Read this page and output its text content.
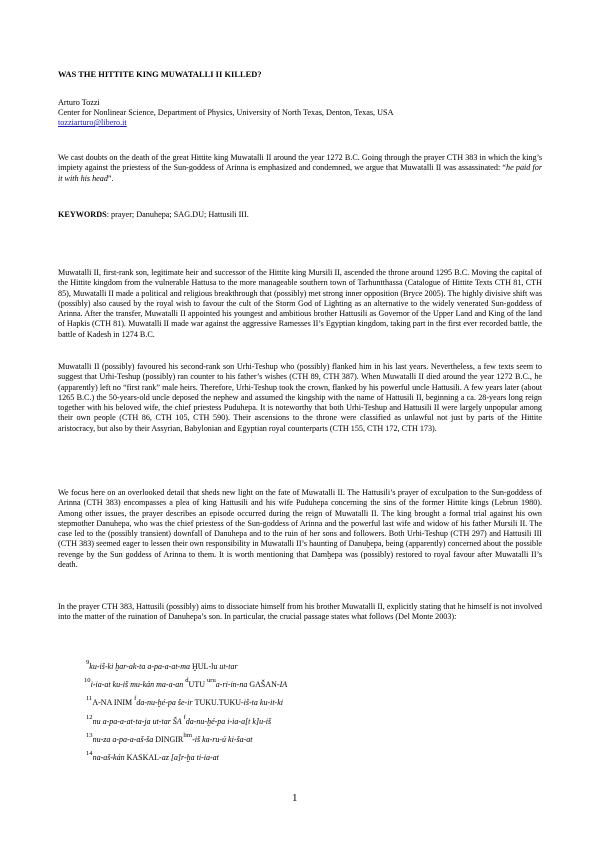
WAS THE HITTITE KING MUWATALLI II KILLED?
Arturo Tozzi
Center for Nonlinear Science, Department of Physics, University of North Texas, Denton, Texas, USA
tozziarturo@libero.it
We cast doubts on the death of the great Hittite king Muwatalli II around the year 1272 B.C. Going through the prayer CTH 383 in which the king’s impiety against the priestess of the Sun-goddess of Arinna is emphasized and condemned, we argue that Muwatalli II was assassinated: “he paid for it with his head”.
KEYWORDS: prayer; Danuhepa; SAG.DU; Hattusili III.
Muwatalli II, first-rank son, legitimate heir and successor of the Hittite king Mursili II, ascended the throne around 1295 B.C. Moving the capital of the Hittite kingdom from the vulnerable Hattusa to the more manageable southern town of Tarhuntthassa (Catalogue of Hittite Texts CTH 81, CTH 85), Muwatalli II made a political and religious breakthrough that (possibly) met strong inner opposition (Bryce 2005). The highly divisive shift was (possibly) also caused by the royal wish to favour the cult of the Storm God of Lighting as an alternative to the widely venerated Sun-goddess of Arinna. After the transfer, Muwatalli II appointed his youngest and ambitious brother Hattusili as Governor of the Upper Land and King of the land of Hapkis (CTH 81). Muwatalli II made war against the aggressive Ramesses II’s Egyptian kingdom, taking part in the first ever recorded battle, the battle of Kadesh in 1274 B.C.
Muwatalli II (possibly) favoured his second-rank son Urhi-Teshup who (possibly) flanked him in his last years. Nevertheless, a few texts seem to suggest that Urhi-Teshup (possibly) ran counter to his father’s wishes (CTH 89, CTH 387). When Muwatalli II died around the year 1272 B.C., he (apparently) left no “first rank” male heirs. Therefore, Urhi-Teshup took the crown, flanked by his powerful uncle Hattusili. A few years later (about 1265 B.C.) the 50-years-old uncle deposed the nephew and assumed the kingship with the name of Hattusili II, beginning a ca. 28-years long reign together with his beloved wife, the chief priestess Puduhepa. It is noteworthy that both Urhi-Teshup and Hattusili II were largely unpopular among their own people (CTH 86, CTH 105, CTH 590). Their ascensions to the throne were classified as unlawful not just by parts of the Hittite aristocracy, but also by their Assyrian, Babylonian and Egyptian royal counterparts (CTH 155, CTH 172, CTH 173).
We focus here on an overlooked detail that sheds new light on the fate of Muwatalli II. The Hattusili’s prayer of exculpation to the Sun-goddess of Arinna (CTH 383) encompasses a plea of king Hattusili and his wife Puduhepa concerning the sins of the former Hittite kings (Lebrun 1980). Among other issues, the prayer describes an episode occurred during the reign of Muwatalli II. The king brought a formal trial against his own stepmother Danuhepa, who was the chief priestess of the Sun-goddess of Arinna and the powerful last wife and widow of his father Mursili II. The case led to the (possibly transient) downfall of Danuhepa and to the ruin of her sons and followers. Both Urhi-Teshup (CTH 297) and Hattusili III (CTH 383) seemed eager to lessen their own responsibility in Muwatalli II’s haunting of Danuḫepa, being (apparently) concerned about the possible revenge by the Sun goddess of Arinna to them. It is worth mentioning that Damḫepa was (possibly) restored to royal favour after Muwatalli II’s death.
In the prayer CTH 383, Hattusili (possibly) aims to dissociate himself from his brother Muwatalli II, explicitly stating that he himself is not involved into the matter of the ruination of Danuhepa’s son. In particular, the crucial passage states what follows (Del Monte 2003):
$^9$ku-iš-ki ḫar-ak-ta a-pa-a-at-ma ḪUL-lu ut-tar
$^{10}$i-ia-at ku-iš mu-kán ma-a-an $^d$UTU $^{uru}$a-ri-in-na GAŠAN-IA
$^{11}$A-NA INIM $^f$da-nu-ḫé-pa še-ir TUKU.TUKU-iš-ta ku-it-ki
$^{12}$nu a-pa-a-at-ta-ja ut-tar ŠA $^f$da-nu-ḫé-pa i-ia-a[t k]u-iš
$^{13}$nu-za a-pa-a-aš-ša $DINGIR^{lim}-iš$ ka-ru-ú ki-ša-at
$^{14}$na-aš-kán KASKAL-az [a]r-ḫa ti-ia-at
1
